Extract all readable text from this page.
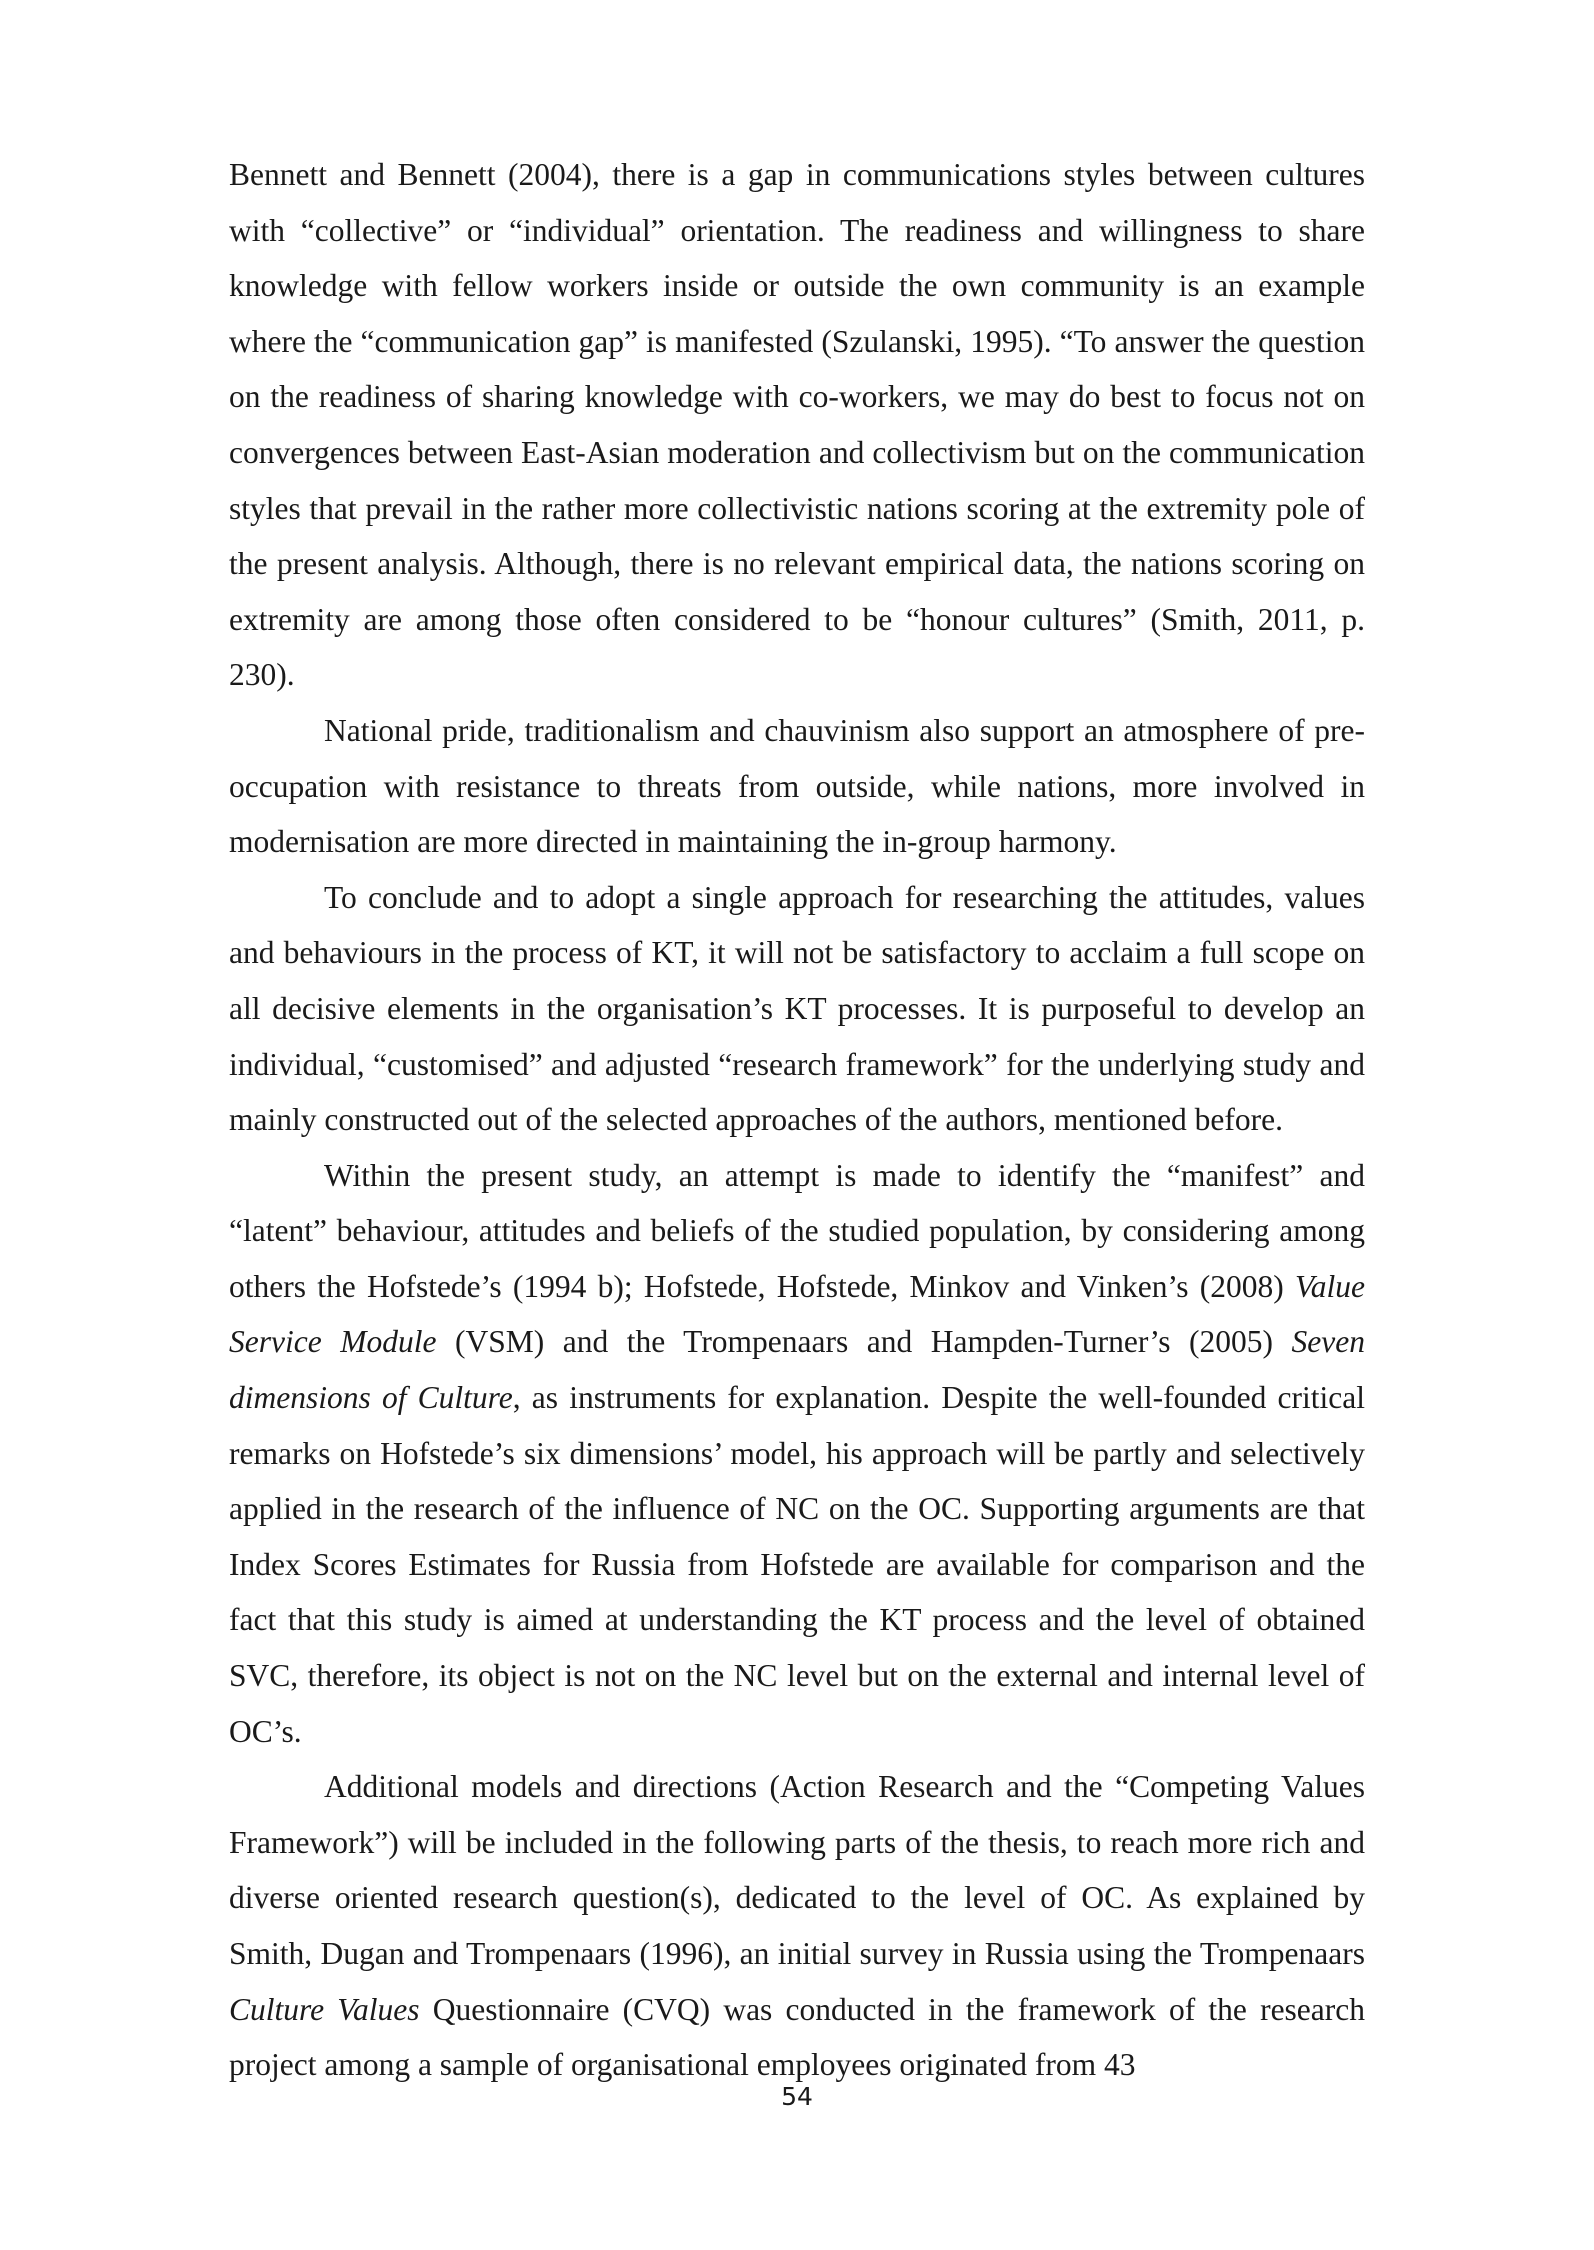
Bennett and Bennett (2004), there is a gap in communications styles between cultures with “collective” or “individual” orientation. The readiness and willingness to share knowledge with fellow workers inside or outside the own community is an example where the “communication gap” is manifested (Szulanski, 1995). “To answer the question on the readiness of sharing knowledge with co-workers, we may do best to focus not on convergences between East-Asian moderation and collectivism but on the communication styles that prevail in the rather more collectivistic nations scoring at the extremity pole of the present analysis. Although, there is no relevant empirical data, the nations scoring on extremity are among those often considered to be “honour cultures” (Smith, 2011, p. 230).

National pride, traditionalism and chauvinism also support an atmosphere of pre-occupation with resistance to threats from outside, while nations, more involved in modernisation are more directed in maintaining the in-group harmony.

To conclude and to adopt a single approach for researching the attitudes, values and behaviours in the process of KT, it will not be satisfactory to acclaim a full scope on all decisive elements in the organisation’s KT processes. It is purposeful to develop an individual, “customised” and adjusted “research framework” for the underlying study and mainly constructed out of the selected approaches of the authors, mentioned before.

Within the present study, an attempt is made to identify the “manifest” and “latent” behaviour, attitudes and beliefs of the studied population, by considering among others the Hofstede’s (1994 b); Hofstede, Hofstede, Minkov and Vinken’s (2008) Value Service Module (VSM) and the Trompenaars and Hampden-Turner’s (2005) Seven dimensions of Culture, as instruments for explanation. Despite the well-founded critical remarks on Hofstede’s six dimensions’ model, his approach will be partly and selectively applied in the research of the influence of NC on the OC. Supporting arguments are that Index Scores Estimates for Russia from Hofstede are available for comparison and the fact that this study is aimed at understanding the KT process and the level of obtained SVC, therefore, its object is not on the NC level but on the external and internal level of OC’s.

Additional models and directions (Action Research and the “Competing Values Framework”) will be included in the following parts of the thesis, to reach more rich and diverse oriented research question(s), dedicated to the level of OC. As explained by Smith, Dugan and Trompenaars (1996), an initial survey in Russia using the Trompenaars Culture Values Questionnaire (CVQ) was conducted in the framework of the research project among a sample of organisational employees originated from 43

54
